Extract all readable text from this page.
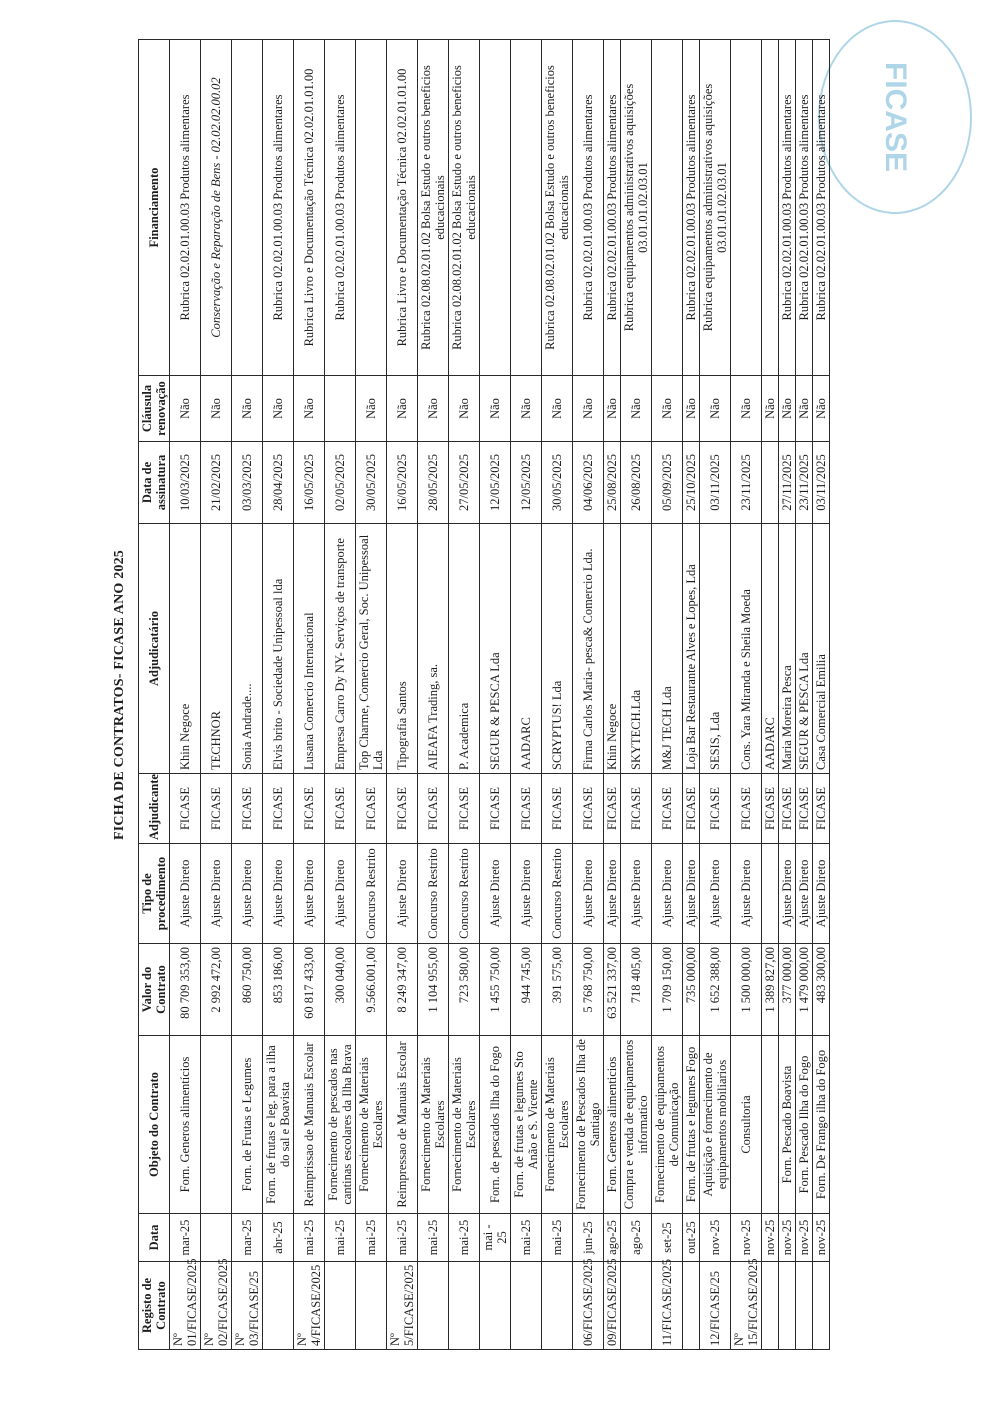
FICASE
FICHA DE CONTRATOS- FICASE ANO 2025
Registo de Contrato	Data	Objeto do Contrato	Valor do Contrato	Tipo de procedimento	Adjudicante	Adjudicatário	Data de assinatura	Cláusula renovação	Financiamento
Nº 01/FICASE/2025	mar-25	Forn. Generos alimentícios	80 709 353,00	Ajuste Direto	FICASE	Khin Negoce	10/03/2025	Não	Rubrica 02.02.01.00.03 Produtos alimentares
Nº 02/FICASE/2025			2 992 472,00	Ajuste Direto	FICASE	TECHNOR	21/02/2025	Não	Conservação e Reparação de Bens - 02.02.02.00.02
Nº 03/FICASE/25	mar-25	Forn. de Frutas e Legumes	860 750,00	Ajuste Direto	FICASE	Sonia Andrade....	03/03/2025	Não	
	abr-25	Forn. de frutas e leg. para a ilha do sal e Boavista	853 186,00	Ajuste Direto	FICASE	Elvis brito - Sociedade Unipessoal lda	28/04/2025	Não	Rubrica 02.02.01.00.03 Produtos alimentares
Nº 4/FICASE/2025	mai-25	Reimprissao de Manuais Escolar	60 817 433,00	Ajuste Direto	FICASE	Lusana Comercio Internacional	16/05/2025	Não	Rubrica Livro e Documentação Técnica 02.02.01.01.00
	mai-25	Fornecimento de pescados nas cantinas escolares da Ilha Brava	300 040,00	Ajuste Direto	FICASE	Empresa Carro Dy NY- Serviços de transporte	02/05/2025		Rubrica 02.02.01.00.03 Produtos alimentares
	mai-25	Fornecimento de Materiais Escolares	9.566.001,00	Concurso Restrito	FICASE	Top Charme, Comercio Geral, Soc. Unipessoal Lda	30/05/2025	Não	
Nº 5/FICASE/2025	mai-25	Reimpressao de Manuais Escolar	8 249 347,00	Ajuste Direto	FICASE	Tipografia Santos	16/05/2025	Não	Rubrica Livro e Documentação Técnica 02.02.01.01.00
	mai-25	Fornecimento de Materiais Escolares	1 104 955,00	Concurso Restrito	FICASE	AIEAFA Trading, sa.	28/05/2025	Não	Rubrica 02.08.02.01.02 Bolsa Estudo e outros beneficios educacionais
	mai-25	Fornecimento de Materiais Escolares	723 580,00	Concurso Restrito	FICASE	P. Academica	27/05/2025	Não	Rubrica 02.08.02.01.02 Bolsa Estudo e outros beneficios educacionais
	mai - 25	Forn. de pescados Ilha do Fogo	1 455 750,00	Ajuste Direto	FICASE	SEGUR & PESCA Lda	12/05/2025	Não	
	mai-25	Forn. de frutas e legumes Sto Anão e S. Vicente	944 745,00	Ajuste Direto	FICASE	AADARC	12/05/2025	Não	
	mai-25	Fornecimento de Materiais Escolares	391 575,00	Concurso Restrito	FICASE	SCRYPTUS! Lda	30/05/2025	Não	Rubrica 02.08.02.01.02 Bolsa Estudo e outros beneficios educacionais
06/FICASE/2025	jun-25	Fornecimento de Pescados Ilha de Santiago	5 768 750,00	Ajuste Direto	FICASE	Firma Carlos Maria- pesca& Comercio Lda.	04/06/2025	Não	Rubrica 02.02.01.00.03 Produtos alimentares
09/FICASE/2025	ago-25	Forn. Generos alimenticios	63 521 337,00	Ajuste Direto	FICASE	Khin Negoce	25/08/2025	Não	Rubrica 02.02.01.00.03 Produtos alimentares
	ago-25	Compra e venda de equipamentos informatico	718 405,00	Ajuste Direto	FICASE	SKYTECH.Lda	26/08/2025	Não	Rubrica equipamentos administrativos aquisições 03.01.01.02.03.01
11/FICASE/2025	set-25	Fornecimento de equipamentos de Comunicação	1 709 150,00	Ajuste Direto	FICASE	M&J TECH Lda	05/09/2025	Não	
	out-25	Forn. de frutas e legumes Fogo	735 000,00	Ajuste Direto	FICASE	Loja Bar Restaurante Alves e Lopes, Lda	25/10/2025	Não	Rubrica 02.02.01.00.03 Produtos alimentares
12/FICASE/25	nov-25	Aquisição e fornecimento de equipamentos mobiliarios	1 652 388,00	Ajuste Direto	FICASE	SESIS, Lda	03/11/2025	Não	Rubrica equipamentos administrativos aquisições 03.01.01.02.03.01
Nº 15/FICASE/2025	nov-25	Consultoria	1 500 000,00	Ajuste Direto	FICASE	Cons. Yara Miranda e Sheila Moeda	23/11/2025	Não	
	nov-25		1 389 827,00		FICASE	AADARC		Não	
	nov-25	Forn. Pescado Boavista	377 000,00	Ajuste Direto	FICASE	Maria Moreira Pesca	27/11/2025	Não	Rubrica 02.02.01.00.03 Produtos alimentares
	nov-25	Forn. Pescado Ilha do Fogo	1 479 000,00	Ajuste Direto	FICASE	SEGUR & PESCA Lda	23/11/2025	Não	Rubrica 02.02.01.00.03 Produtos alimentares
	nov-25	Forn. De Frango ilha do Fogo	483 300,00	Ajuste Direto	FICASE	Casa Comercial Emilia	03/11/2025	Não	Rubrica 02.02.01.00.03 Produtos alimentares
